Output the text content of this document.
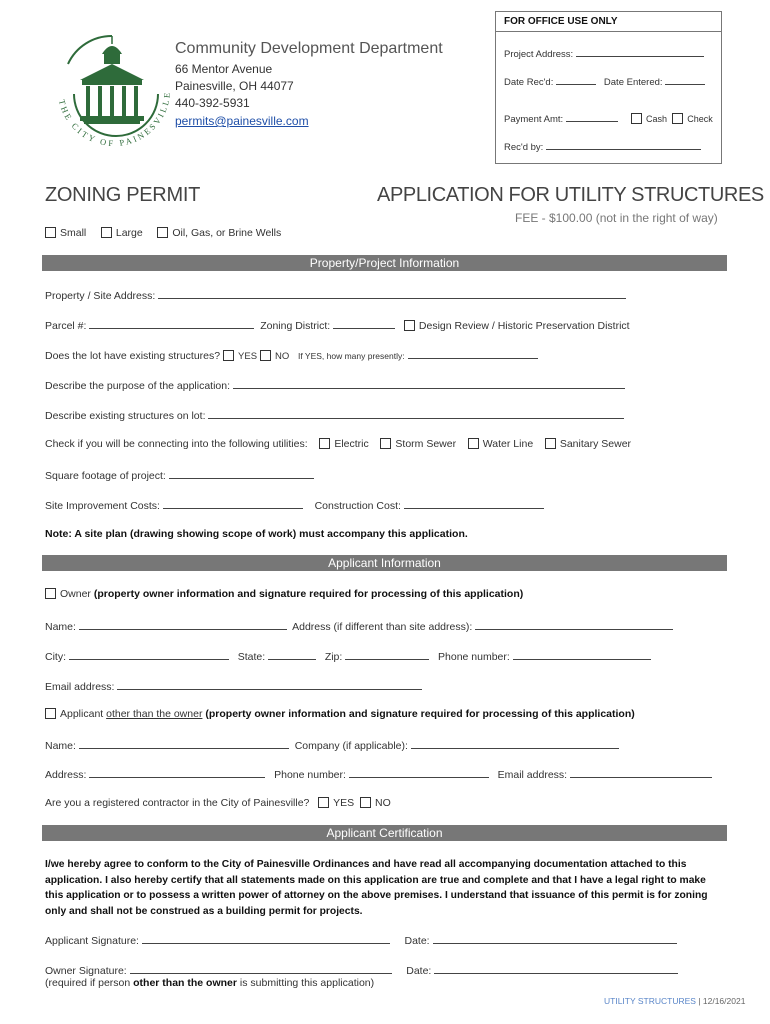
FOR OFFICE USE ONLY
Project Address:
Date Rec'd:	Date Entered:
Payment Amt:	Cash Check
Rec'd by:
THE CITY OF PAINESVILLE
Community Development Department
66 Mentor Avenue
Painesville, OH 44077
440-392-5931
permits@painesville.com
ZONING PERMIT	APPLICATION FOR UTILITY STRUCTURES
FEE - $100.00 (not in the right of way)
Small	Large	Oil, Gas, or Brine Wells
Property/Project Information
Property / Site Address:
Parcel #:	Zoning District:	Design Review / Historic Preservation District
Does the lot have existing structures? YES NO If YES, how many presently:
Describe the purpose of the application:
Describe existing structures on lot:
Check if you will be connecting into the following utilities:	Electric	Storm Sewer	Water Line	Sanitary Sewer
Square footage of project:
Site Improvement Costs:	Construction Cost:
Note: A site plan (drawing showing scope of work) must accompany this application.
Applicant Information
Owner (property owner information and signature required for processing of this application)
Name:	Address (if different than site address):
City:	State:	Zip:	Phone number:
Email address:
Applicant other than the owner (property owner information and signature required for processing of this application)
Name:	Company (if applicable):
Address:	Phone number:	Email address:
Are you a registered contractor in the City of Painesville? YES NO
Applicant Certification
I/we hereby agree to conform to the City of Painesville Ordinances and have read all accompanying documentation attached to this application. I also hereby certify that all statements made on this application are true and complete and that I have a legal right to make this application or to possess a written power of attorney on the above premises. I understand that issuance of this permit is for zoning only and shall not be construed as a building permit for projects.
Applicant Signature:	Date:
Owner Signature:	Date:
(required if person other than the owner is submitting this application)
UTILITY STRUCTURES | 12/16/2021
